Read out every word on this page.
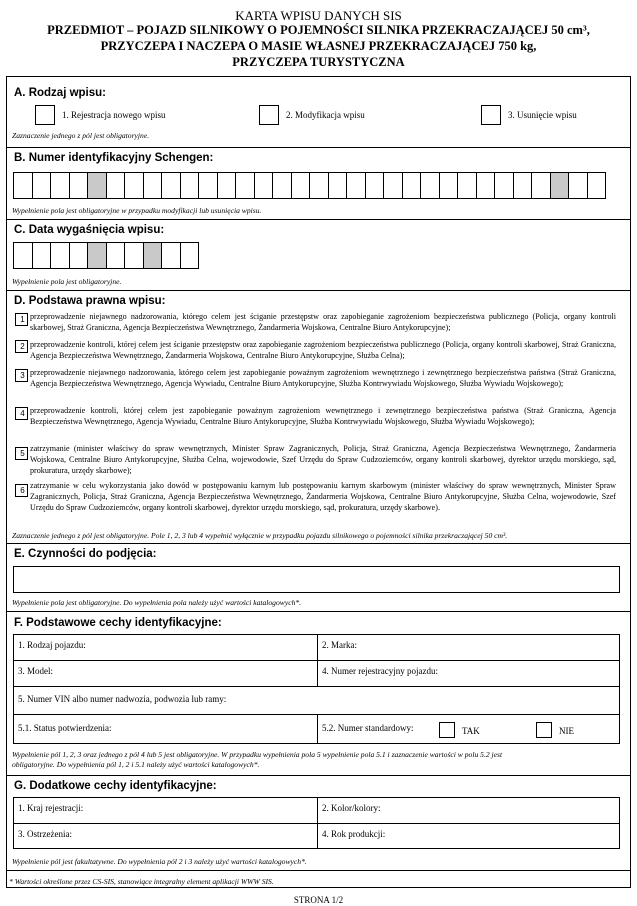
KARTA WPISU DANYCH SIS
PRZEDMIOT – POJAZD SILNIKOWY O POJEMNOŚCI SILNIKA PRZEKRACZAJĄCEJ 50 cm³,
PRZYCZEPA I NACZEPA O MASIE WŁASNEJ PRZEKRACZAJĄCEJ 750 kg,
PRZYCZEPA TURYSTYCZNA
A. Rodzaj wpisu:
1. Rejestracja nowego wpisu	2. Modyfikacja wpisu	3. Usunięcie wpisu
Zaznaczenie jednego z pól jest obligatoryjne.
B. Numer identyfikacyjny Schengen:
Wypełnienie pola jest obligatoryjne w przypadku modyfikacji lub usunięcia wpisu.
C. Data wygaśnięcia wpisu:
Wypełnienie pola jest obligatoryjne.
D. Podstawa prawna wpisu:
1 przeprowadzenie niejawnego nadzorowania, którego celem jest ściganie przestępstw oraz zapobieganie zagrożeniom bezpieczeństwa publicznego (Policja, organy kontroli skarbowej, Straż Graniczna, Agencja Bezpieczeństwa Wewnętrznego, Żandarmeria Wojskowa, Centralne Biuro Antykorupcyjne);
2 przeprowadzenie kontroli, której celem jest ściganie przestępstw oraz zapobieganie zagrożeniom bezpieczeństwa publicznego (Policja, organy kontroli skarbowej, Straż Graniczna, Agencja Bezpieczeństwa Wewnętrznego, Żandarmeria Wojskowa, Centralne Biuro Antykorupcyjne, Służba Celna);
3 przeprowadzenie niejawnego nadzorowania, którego celem jest zapobieganie poważnym zagrożeniom wewnętrznego i zewnętrznego bezpieczeństwa państwa (Straż Graniczna, Agencja Bezpieczeństwa Wewnętrznego, Agencja Wywiadu, Centralne Biuro Antykorupcyjne, Służba Kontrwywiadu Wojskowego, Służba Wywiadu Wojskowego);
4 przeprowadzenie kontroli, której celem jest zapobieganie poważnym zagrożeniom wewnętrznego i zewnętrznego bezpieczeństwa państwa (Straż Graniczna, Agencja Bezpieczeństwa Wewnętrznego, Agencja Wywiadu, Centralne Biuro Antykorupcyjne, Służba Kontrwywiadu Wojskowego, Służba Wywiadu Wojskowego);
5
zatrzymanie (minister właściwy do spraw wewnętrznych, Minister Spraw Zagranicznych, Policja, Straż Graniczna, Agencja Bezpieczeństwa Wewnętrznego, Żandarmeria Wojskowa, Centralne Biuro Antykorupcyjne, Służba Celna, wojewodowie, Szef Urzędu do Spraw Cudzoziemców, organy kontroli skarbowej, dyrektor urzędu morskiego, sąd, prokuratura, urzędy skarbowe);
6
zatrzymanie w celu wykorzystania jako dowód w postępowaniu karnym lub postępowaniu karnym skarbowym (minister właściwy do spraw wewnętrznych, Minister Spraw Zagranicznych, Policja, Straż Graniczna, Agencja Bezpieczeństwa Wewnętrznego, Żandarmeria Wojskowa, Centralne Biuro Antykorupcyjne, Służba Celna, wojewodowie, Szef Urzędu do Spraw Cudzoziemców, organy kontroli skarbowej, dyrektor urzędu morskiego, sąd, prokuratura, urzędy skarbowe).
Zaznaczenie jednego z pól jest obligatoryjne. Pole 1, 2, 3 lub 4 wypełnić wyłącznie w przypadku pojazdu silnikowego o pojemności silnika przekraczającej 50 cm³.
E. Czynności do podjęcia:
Wypełnienie pola jest obligatoryjne. Do wypełnienia pola należy użyć wartości katalogowych*.
F. Podstawowe cechy identyfikacyjne:
1. Rodzaj pojazdu:	2. Marka:
3. Model:	4. Numer rejestracyjny pojazdu:
5. Numer VIN albo numer nadwozia, podwozia lub ramy:
5.1. Status potwierdzenia:	5.2. Numer standardowy:	TAK	NIE
Wypełnienie pól 1, 2, 3 oraz jednego z pól 4 lub 5 jest obligatoryjne. W przypadku wypełnienia pola 5 wypełnienie pola 5.1 i zaznaczenie wartości w polu 5.2 jest
obligatoryjne. Do wypełnienia pól 1, 2 i 5.1 należy użyć wartości katalogowych*.
G. Dodatkowe cechy identyfikacyjne:
1. Kraj rejestracji:	2. Kolor/kolory:
3. Ostrzeżenia:	4. Rok produkcji:
Wypełnienie pól jest fakultatywne. Do wypełnienia pól 2 i 3 należy użyć wartości katalogowych*.
* Wartości określone przez CS-SIS, stanowiące integralny element aplikacji WWW SIS.
STRONA 1/2
